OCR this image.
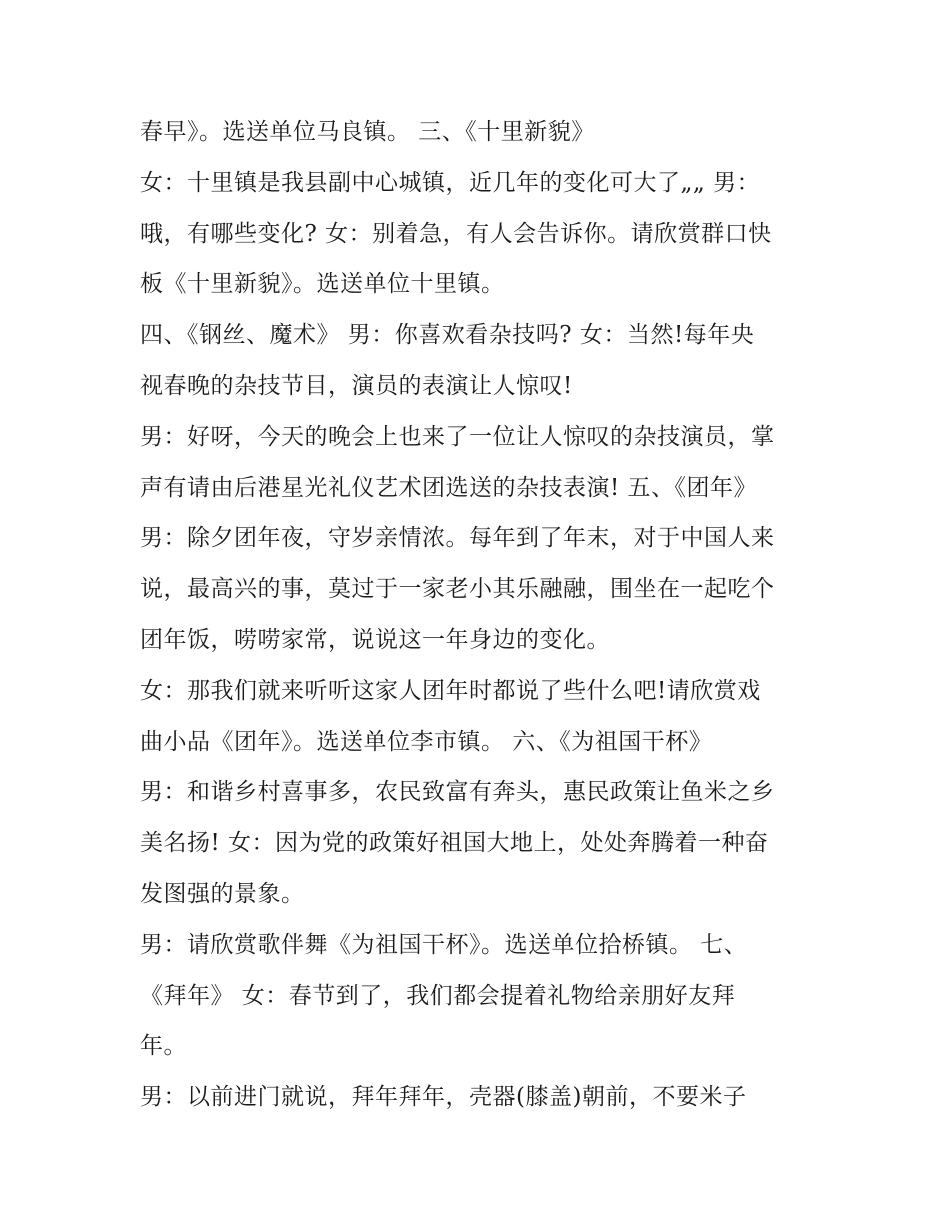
春早》。选送单位马良镇。 三、《十里新貌》
女：十里镇是我县副中心城镇，近几年的变化可大了„„ 男：
哦，有哪些变化? 女：别着急，有人会告诉你。请欣赏群口快
板《十里新貌》。选送单位十里镇。
四、《钢丝、魔术》 男：你喜欢看杂技吗? 女：当然!每年央
视春晚的杂技节目，演员的表演让人惊叹!
男：好呀，今天的晚会上也来了一位让人惊叹的杂技演员，掌
声有请由后港星光礼仪艺术团选送的杂技表演! 五、《团年》
男：除夕团年夜，守岁亲情浓。每年到了年末，对于中国人来
说，最高兴的事，莫过于一家老小其乐融融，围坐在一起吃个
团年饭，唠唠家常，说说这一年身边的变化。
女：那我们就来听听这家人团年时都说了些什么吧!请欣赏戏
曲小品《团年》。选送单位李市镇。 六、《为祖国干杯》
男：和谐乡村喜事多，农民致富有奔头，惠民政策让鱼米之乡
美名扬! 女：因为党的政策好祖国大地上，处处奔腾着一种奋
发图强的景象。
男：请欣赏歌伴舞《为祖国干杯》。选送单位拾桥镇。 七、
《拜年》 女：春节到了，我们都会提着礼物给亲朋好友拜
年。
男：以前进门就说，拜年拜年，壳器(膝盖)朝前，不要米子
